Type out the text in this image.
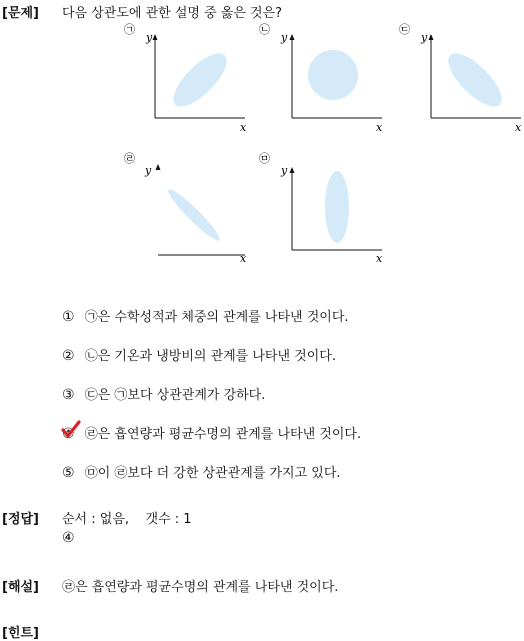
[문제] 다음 상관도에 관한 설명 중 옳은 것은?
㉠
y
x
㉡
y
x
㉢
y
x
㉣
y
x
㉤
y
x
① ㉠은 수학성적과 체중의 관계를 나타낸 것이다.
② ㉡은 기온과 냉방비의 관계를 나타낸 것이다.
③ ㉢은 ㉠보다 상관관계가 강하다.
④ ㉣은 흡연량과 평균수명의 관계를 나타낸 것이다.
⑤ ㉤이 ㉣보다 더 강한 상관관계를 가지고 있다.
[정답] 순서 : 없음,    갯수 : 1
④
[해설] ㉣은 흡연량과 평균수명의 관계를 나타낸 것이다.
[힌트]
